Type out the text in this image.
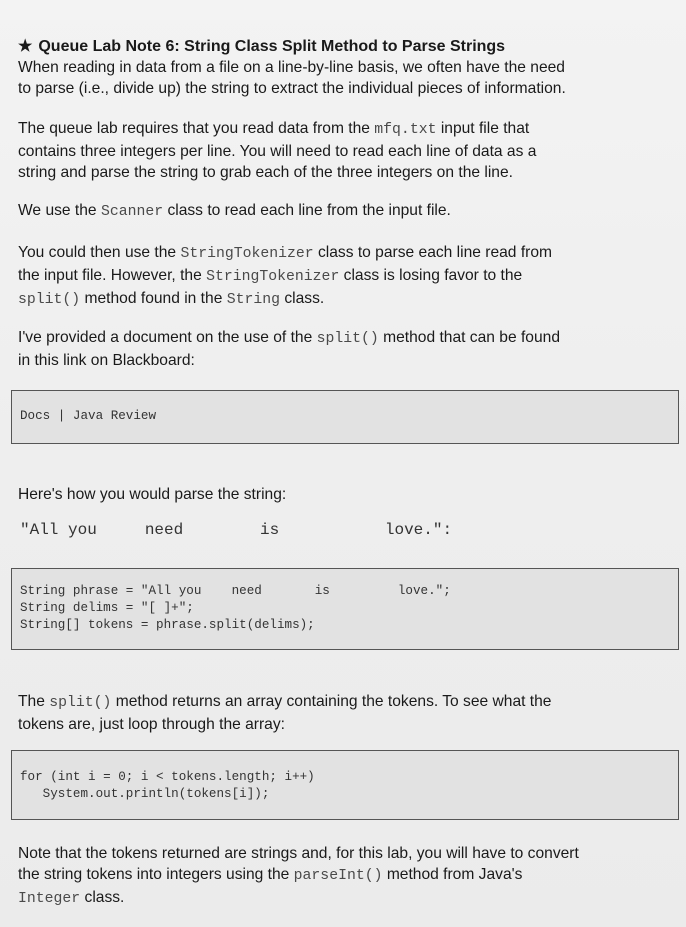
★ Queue Lab Note 6: String Class Split Method to Parse Strings
When reading in data from a file on a line-by-line basis, we often have the need
to parse (i.e., divide up) the string to extract the individual pieces of information.
The queue lab requires that you read data from the mfq.txt input file that
contains three integers per line. You will need to read each line of data as a
string and parse the string to grab each of the three integers on the line.
We use the Scanner class to read each line from the input file.
You could then use the StringTokenizer class to parse each line read from
the input file. However, the StringTokenizer class is losing favor to the
split() method found in the String class.
I've provided a document on the use of the split() method that can be found
in this link on Blackboard:
Docs | Java Review
Here's how you would parse the string:
"All you     need        is           love.":
String phrase = "All you    need       is         love.";
String delims = "[ ]+";
String[] tokens = phrase.split(delims);
The split() method returns an array containing the tokens. To see what the
tokens are, just loop through the array:
for (int i = 0; i < tokens.length; i++)
System.out.println(tokens[i]);
Note that the tokens returned are strings and, for this lab, you will have to convert
the string tokens into integers using the parseInt() method from Java's
Integer class.
